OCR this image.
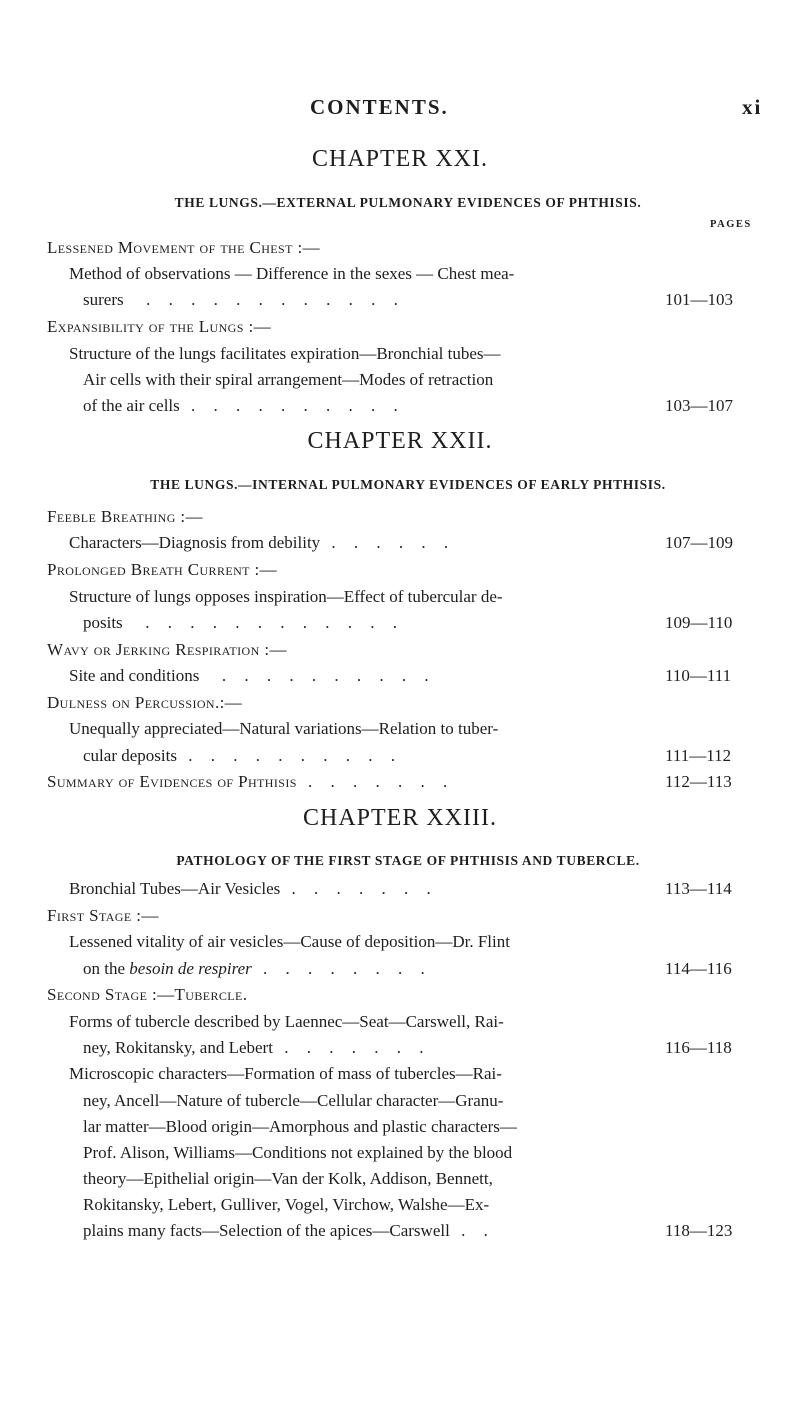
CONTENTS.	xi
CHAPTER XXI.
THE LUNGS.—EXTERNAL PULMONARY EVIDENCES OF PHTHISIS.
PAGES
Lessened Movement of the Chest :—
Method of observations — Difference in the sexes — Chest mea-
surers  . . . . . . . . . . . .	101—103
Expansibility of the Lungs :—
Structure of the lungs facilitates expiration—Bronchial tubes—
Air cells with their spiral arrangement—Modes of retraction
of the air cells . . . . . . . . . .	103—107
CHAPTER XXII.
THE LUNGS.—INTERNAL PULMONARY EVIDENCES OF EARLY PHTHISIS.
Feeble Breathing :—
Characters—Diagnosis from debility . . . . . .	107—109
Prolonged Breath Current :—
Structure of lungs opposes inspiration—Effect of tubercular de-
posits  . . . . . . . . . . . .	109—110
Wavy or Jerking Respiration :—
Site and conditions  . . . . . . . . . .	110—111
Dulness on Percussion.:—
Unequally appreciated—Natural variations—Relation to tuber-
cular deposits . . . . . . . . . .	111—112
Summary of Evidences of Phthisis . . . . . . .	112—113
CHAPTER XXIII.
PATHOLOGY OF THE FIRST STAGE OF PHTHISIS AND TUBERCLE.
Bronchial Tubes—Air Vesicles . . . . . . .	113—114
First Stage :—
Lessened vitality of air vesicles—Cause of deposition—Dr. Flint
on the besoin de respirer . . . . . . . .	114—116
Second Stage :—Tubercle.
Forms of tubercle described by Laennec—Seat—Carswell, Rai-
ney, Rokitansky, and Lebert . . . . . . .	116—118
Microscopic characters—Formation of mass of tubercles—Rai-
ney, Ancell—Nature of tubercle—Cellular character—Granu-
lar matter—Blood origin—Amorphous and plastic characters—
Prof. Alison, Williams—Conditions not explained by the blood
theory—Epithelial origin—Van der Kolk, Addison, Bennett,
Rokitansky, Lebert, Gulliver, Vogel, Virchow, Walshe—Ex-
plains many facts—Selection of the apices—Carswell . .	118—123
